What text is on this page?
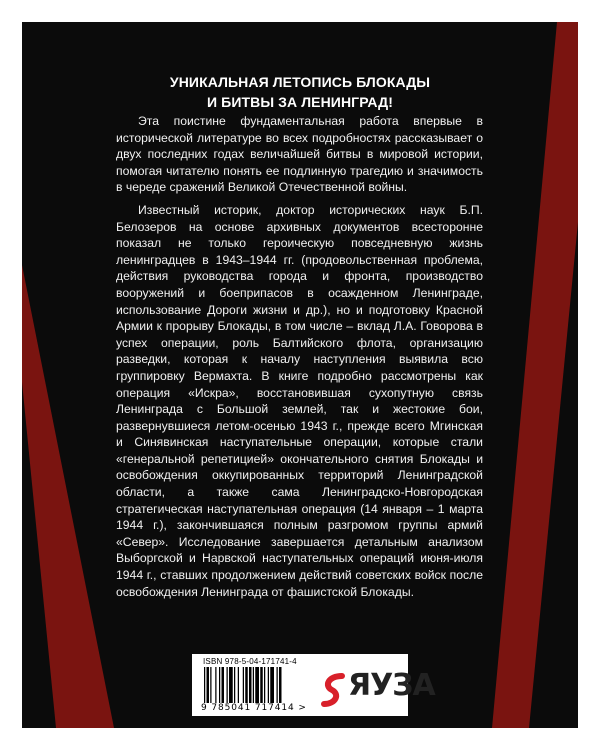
УНИКАЛЬНАЯ ЛЕТОПИСЬ БЛОКАДЫ
И БИТВЫ ЗА ЛЕНИНГРАД!

Эта поистине фундаментальная работа впервые в исторической литературе во всех подробностях рассказывает о двух последних годах величайшей битвы в мировой истории, помогая читателю понять ее подлинную трагедию и значимость в череде сражений Великой Отечественной войны.

Известный историк, доктор исторических наук Б.П. Белозеров на основе архивных документов всесторонне показал не только героическую повседневную жизнь ленинградцев в 1943–1944 гг. (продовольственная проблема, действия руководства города и фронта, производство вооружений и боеприпасов в осажденном Ленинграде, использование Дороги жизни и др.), но и подготовку Красной Армии к прорыву Блокады, в том числе – вклад Л.А. Говорова в успех операции, роль Балтийского флота, организацию разведки, которая к началу наступления выявила всю группировку Вермахта. В книге подробно рассмотрены как операция «Искра», восстановившая сухопутную связь Ленинграда с Большой землей, так и жестокие бои, развернувшиеся летом-осенью 1943 г., прежде всего Мгинская и Синявинская наступательные операции, которые стали «генеральной репетицией» окончательного снятия Блокады и освобождения оккупированных территорий Ленинградской области, а также сама Ленинградско-Новгородская стратегическая наступательная операция (14 января – 1 марта 1944 г.), закончившаяся полным разгромом группы армий «Север». Исследование завершается детальным анализом Выборгской и Нарвской наступательных операций июня-июля 1944 г., ставших продолжением действий советских войск после освобождения Ленинграда от фашистской Блокады.

ISBN 978-5-04-171741-4
9 785041 717414 >
ЯУЗА
